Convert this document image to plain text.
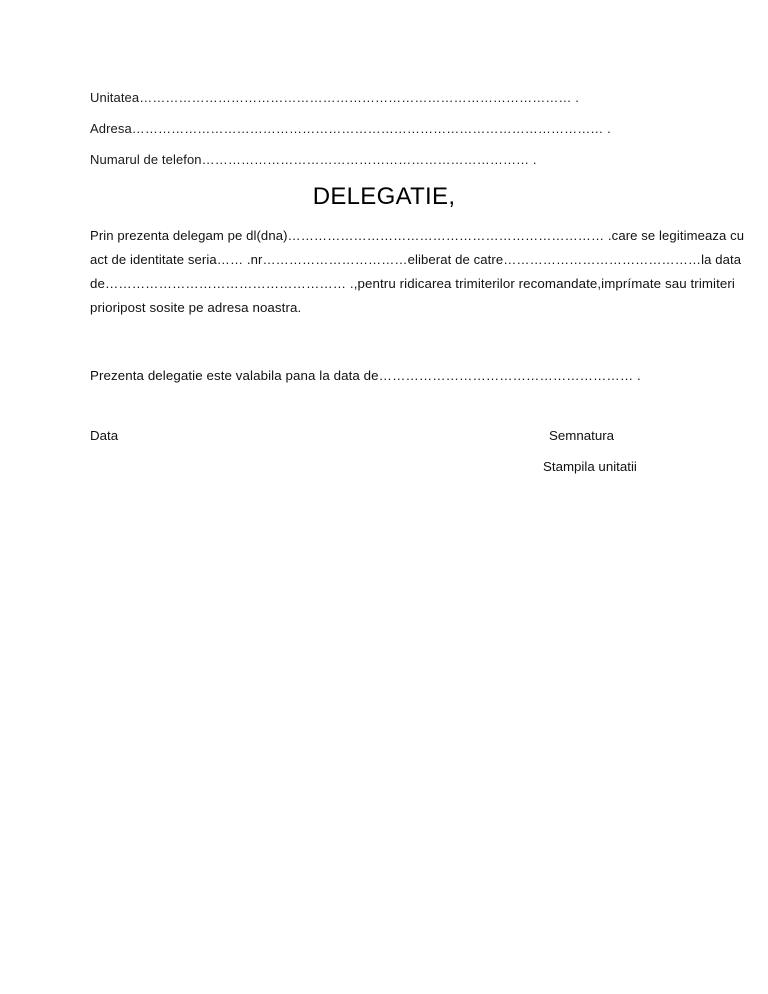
Unitatea……………………………………………………………………………………… .
Adresa……………………………………………………………………………………………… .
Numarul de telefon………………………………………………………………… .
DELEGATIE,
Prin prezenta delegam pe dl(dna)……………………………………………………………… .care se legitimeaza cu
act de identitate seria…… .nr……………………………eliberat de catre………………………………………la data
de……………………………………………… .,pentru ridicarea trimiterilor recomandate,imprímate sau trimiteri
prioripost sosite pe adresa noastra.
Prezenta delegatie este valabila pana la data de………………………………………………… .
Data	Semnatura
Stampila unitatii
